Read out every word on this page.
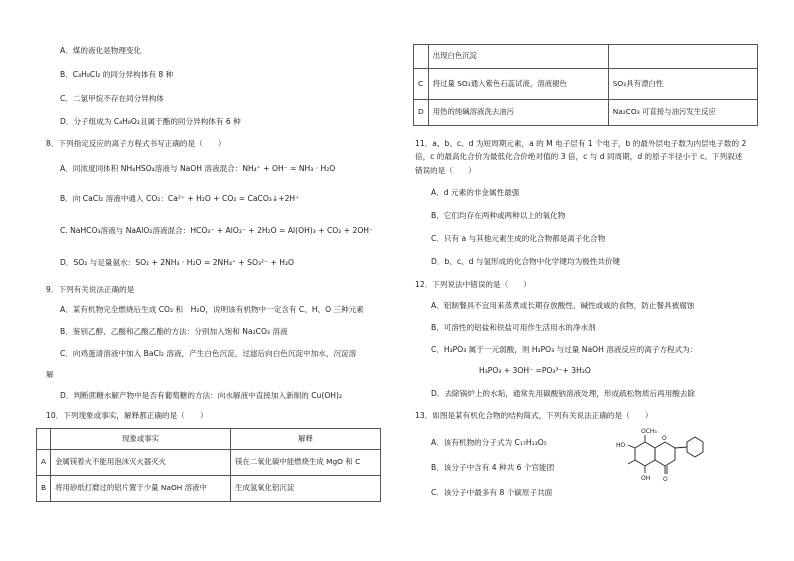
A．煤的液化是物理变化
B．C₄H₈Cl₂ 的同分异构体有 8 种
C．二氯甲烷不存在同分异构体
D．分子组成为 C₄H₈O₂且属于酯的同分异构体有 6 种
8．下列指定反应的离子方程式书写正确的是（　　）
A．同浓度同体积 NH₄HSO₄溶液与 NaOH 溶液混合：NH₄⁺ + OH⁻ = NH₃ · H₂O
B．向 CaCl₂ 溶液中通入 CO₂：Ca²⁺ + H₂O + CO₂ = CaCO₃↓+2H⁺
C. NaHCO₃溶液与 NaAlO₂溶液混合：HCO₃⁻ + AlO₂⁻ + 2H₂O = Al(OH)₃ + CO₂ + 2OH⁻
D．SO₂ 与足量氨水：SO₂ + 2NH₃ · H₂O = 2NH₄⁺ + SO₃²⁻ + H₂O
9．下列有关说法正确的是
A．某有机物完全燃烧后生成 CO₂ 和　H₂O，说明该有机物中一定含有 C、H、O 三种元素
B．鉴别乙醇、乙酸和乙酸乙酯的方法：分别加入饱和 Na₂CO₃ 溶液
C．向鸡蛋清溶液中加入 BaCl₂ 溶液，产生白色沉淀，过滤后向白色沉淀中加水，沉淀溶
解
D．判断蔗糖水解产物中是否有葡萄糖的方法：向水解液中直接加入新制的 Cu(OH)₂
10．下列现象或事实，解释都正确的是（　　）
	现象或事实	解释
A	金属镁着火不能用泡沫灭火器灭火	镁在二氧化碳中能燃烧生成 MgO 和 C
B	将用砂纸打磨过的铝片置于少量 NaOH 溶液中	生成氢氧化铝沉淀
	出现白色沉淀	
C	将过量 SO₂通入紫色石蕊试液，溶液褪色	SO₂具有漂白性
D	用热的纯碱溶液洗去油污	Na₂CO₃ 可直接与油污发生反应
11．a、b、c、d 为短周期元素，a 的 M 电子层有 1 个电子，b 的最外层电子数为内层电子数的 2
倍，c 的最高化合价为最低化合价绝对值的 3 倍，c 与 d 同周期，d 的原子半径小于 c。下列叙述
错误的是（　　）
A．d 元素的非金属性最强
B．它们均存在两种或两种以上的氧化物
C．只有 a 与其他元素生成的化合物都是离子化合物
D．b、c、d 与氢形成的化合物中化学键均为极性共价键
12．下列说法中错误的是（　　）
A．铝制餐具不宜用来蒸煮或长期存放酸性、碱性或咸的食物，防止餐具被腐蚀
B．可溶性的铝盐和铁盐可用作生活用水的净水剂
C．H₃PO₃ 属于一元弱酸，则 H₃PO₃ 与过量 NaOH 溶液反应的离子方程式为：
H₃PO₃ + 3OH⁻ =PO₃³⁻+ 3H₂O
D．去除锅炉上的水垢，通常先用碳酸钠溶液处理，形成疏松物质后再用酸去除
13．如图是某有机化合物的结构简式，下列有关说法正确的是（　　）
A．该有机物的分子式为 C₁₇H₁₃O₅
B．该分子中含有 4 种共 6 个官能团
C．该分子中最多有 8 个碳原子共面
OCH₃
HO
OH
O
O
